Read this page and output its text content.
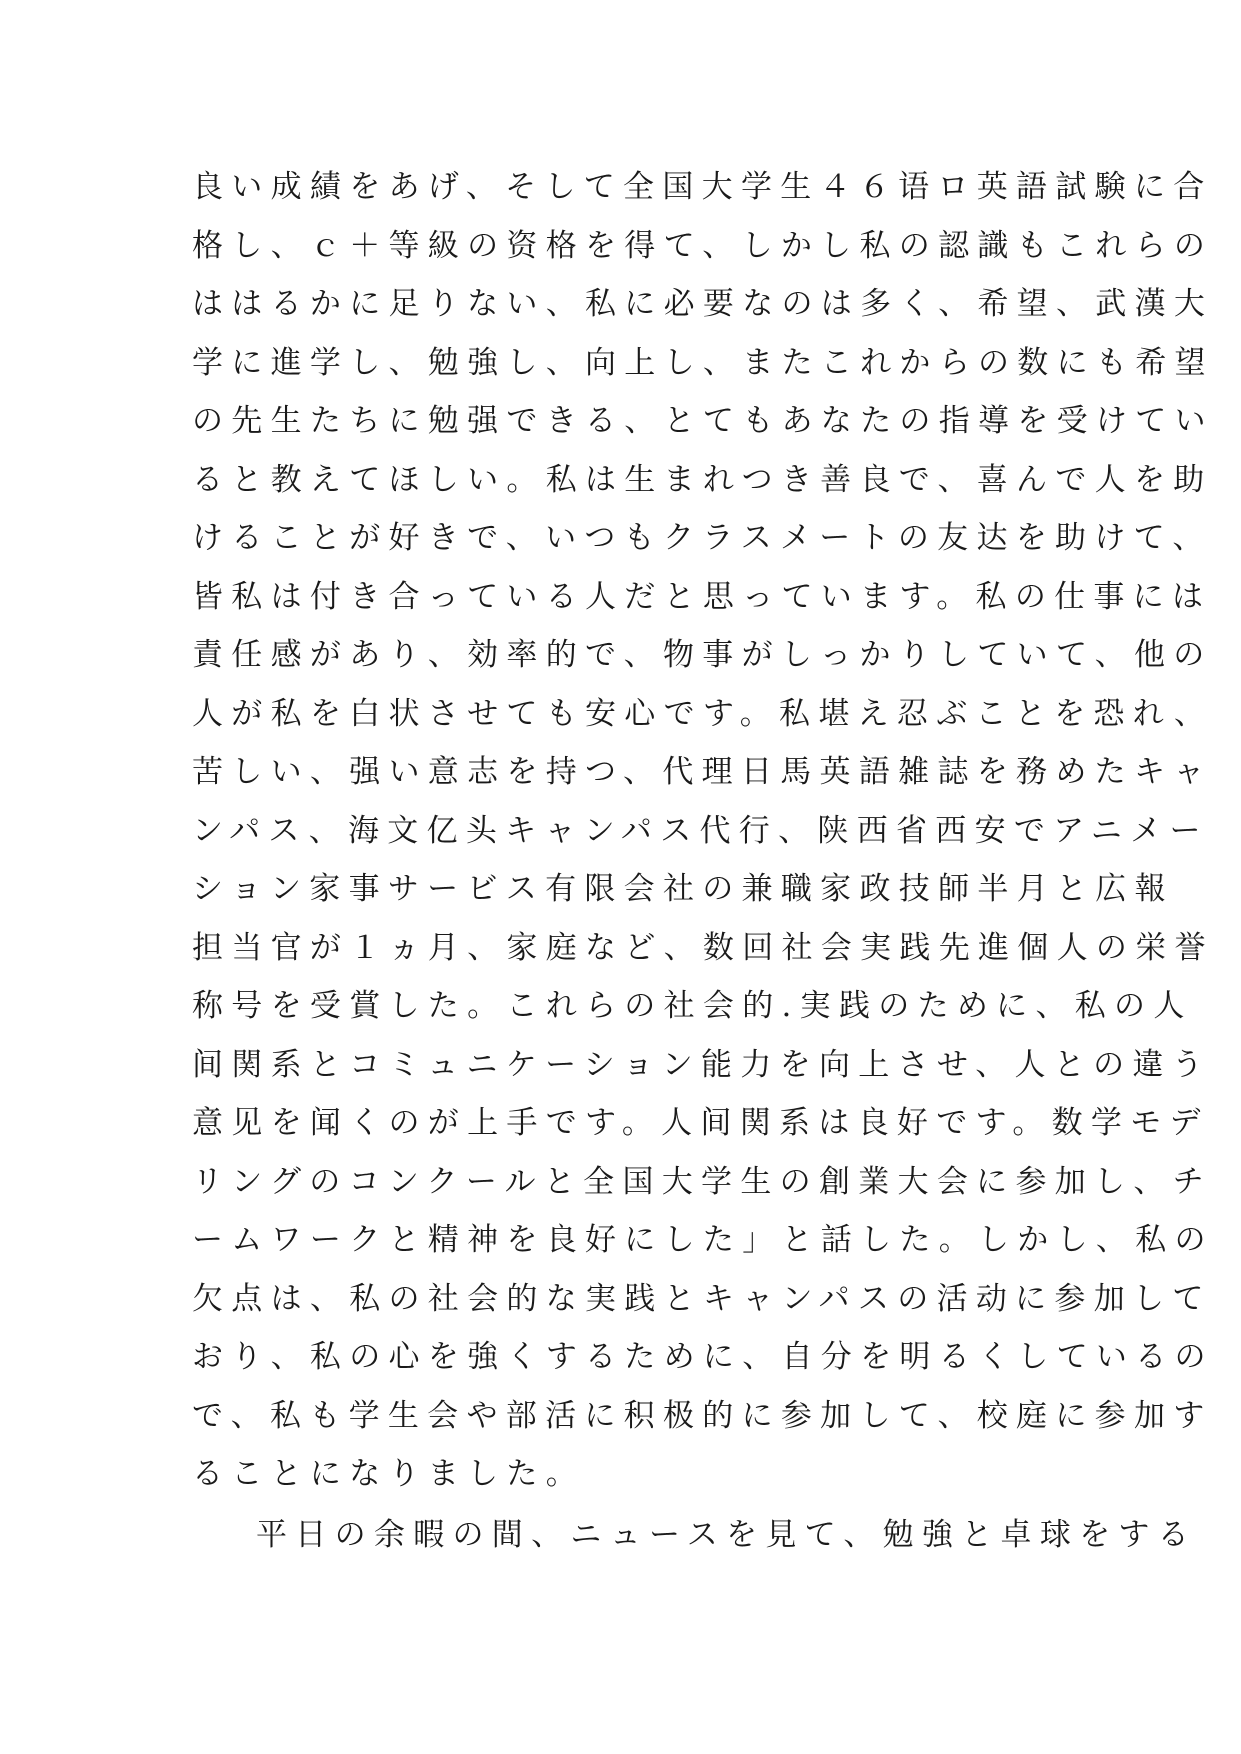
良い成績をあげ、そして全国大学生４６语ロ英語試験に合
格し、ｃ＋等級の资格を得て、しかし私の認識もこれらの
ははるかに足りない、私に必要なのは多く、希望、武漢大
学に進学し、勉強し、向上し、またこれからの数にも希望
の先生たちに勉强できる、とてもあなたの指導を受けてい
ると教えてほしい。私は生まれつき善良で、喜んで人を助
けることが好きで、いつもクラスメートの友达を助けて、
皆私は付き合っている人だと思っています。私の仕事には
責任感があり、効率的で、物事がしっかりしていて、他の
人が私を白状させても安心です。私堪え忍ぶことを恐れ、
苦しい、强い意志を持つ、代理日馬英語雑誌を務めたキャ
ンパス、海文亿头キャンパス代行、陕西省西安でアニメー
ション家事サービス有限会社の兼職家政技師半月と広報
担当官が１ヵ月、家庭など、数回社会実践先進個人の栄誉
称号を受賞した。これらの社会的.実践のために、私の人
间関系とコミュニケーション能力を向上させ、人との違う
意见を闻くのが上手です。人间関系は良好です。数学モデ
リングのコンクールと全国大学生の創業大会に参加し、チ
ームワークと精神を良好にした」と話した。しかし、私の
欠点は、私の社会的な実践とキャンパスの活动に参加して
おり、私の心を強くするために、自分を明るくしているの
で、私も学生会や部活に积极的に参加して、校庭に参加す
ることになりました。
平日の余暇の間、ニュースを見て、勉強と卓球をする
